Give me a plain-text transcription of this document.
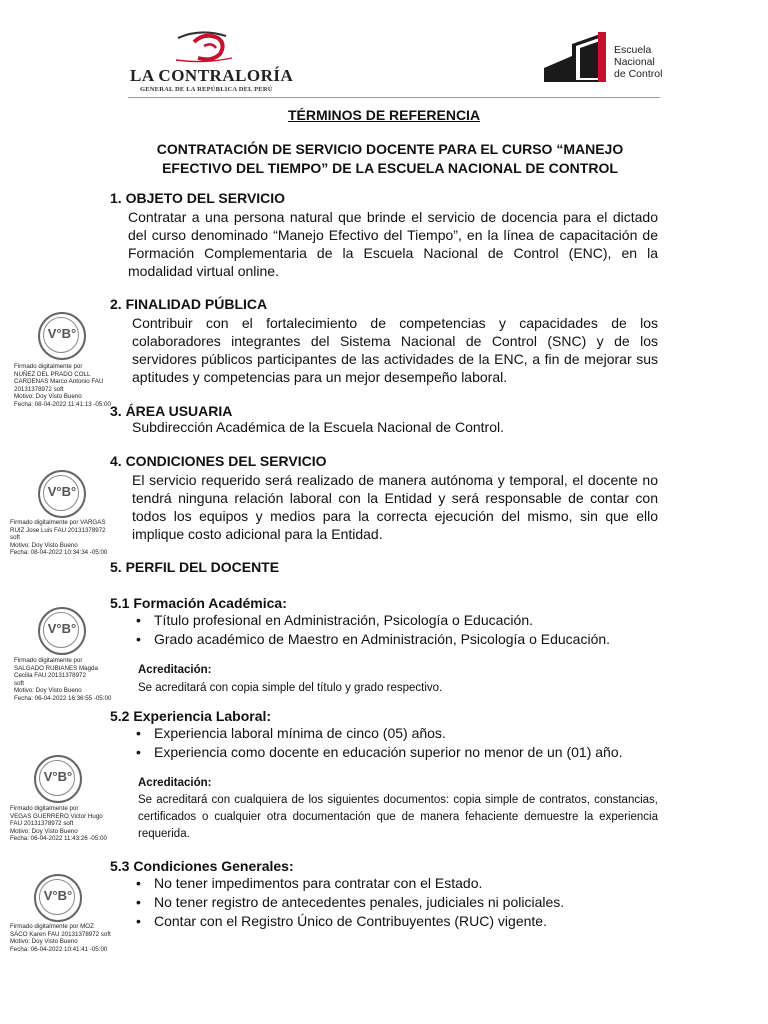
LA CONTRALORÍA
GENERAL DE LA REPÚBLICA DEL PERÚ
Escuela
Nacional
de Control
TÉRMINOS DE REFERENCIA
CONTRATACIÓN DE SERVICIO DOCENTE PARA EL CURSO “MANEJO EFECTIVO DEL TIEMPO” DE LA ESCUELA NACIONAL DE CONTROL
1. OBJETO DEL SERVICIO
Contratar a una persona natural que brinde el servicio de docencia para el dictado del curso denominado “Manejo Efectivo del Tiempo”, en la línea de capacitación de Formación Complementaria de la Escuela Nacional de Control (ENC), en la modalidad virtual online.
2. FINALIDAD PÚBLICA
Contribuir con el fortalecimiento de competencias y capacidades de los colaboradores integrantes del Sistema Nacional de Control (SNC) y de los servidores públicos participantes de las actividades de la ENC, a fin de mejorar sus aptitudes y competencias para un mejor desempeño laboral.
3. ÁREA USUARIA
Subdirección Académica de la Escuela Nacional de Control.
4. CONDICIONES DEL SERVICIO
El servicio requerido será realizado de manera autónoma y temporal, el docente no tendrá ninguna relación laboral con la Entidad y será responsable de contar con todos los equipos y medios para la correcta ejecución del mismo, sin que ello implique costo adicional para la Entidad.
5. PERFIL DEL DOCENTE
5.1 Formación Académica:
• Título profesional en Administración, Psicología o Educación.
• Grado académico de Maestro en Administración, Psicología o Educación.
Acreditación:
Se acreditará con copia simple del título y grado respectivo.
5.2 Experiencia Laboral:
• Experiencia laboral mínima de cinco (05) años.
• Experiencia como docente en educación superior no menor de un (01) año.
Acreditación:
Se acreditará con cualquiera de los siguientes documentos: copia simple de contratos, constancias, certificados o cualquier otra documentación que de manera fehaciente demuestre la experiencia requerida.
5.3 Condiciones Generales:
• No tener impedimentos para contratar con el Estado.
• No tener registro de antecedentes penales, judiciales ni policiales.
• Contar con el Registro Único de Contribuyentes (RUC) vigente.
V°B°
Firmado digitalmente por
NUÑEZ DEL PRADO COLL
CARDENAS Marco Antonio FAU
20131378972 soft
Motivo: Doy Visto Bueno
Fecha: 08-04-2022 11:41:13 -05:00
V°B°
Firmado digitalmente por VARGAS
RUIZ Jose Luis FAU 20131378972
soft
Motivo: Doy Visto Bueno
Fecha: 08-04-2022 10:34:34 -05:00
V°B°
Firmado digitalmente por
SALGADO RUBIANES Magda
Cecilia FAU 20131378972
soft
Motivo: Doy Visto Bueno
Fecha: 06-04-2022 16:36:55 -05:00
V°B°
Firmado digitalmente por
VEGAS GUERRERO Victor Hugo
FAU 20131378972 soft
Motivo: Doy Visto Bueno
Fecha: 06-04-2022 11:43:26 -05:00
V°B°
Firmado digitalmente por MOZ
SACO Karen FAU 20131378972 soft
Motivo: Doy Visto Bueno
Fecha: 06-04-2022 10:41:41 -05:00
